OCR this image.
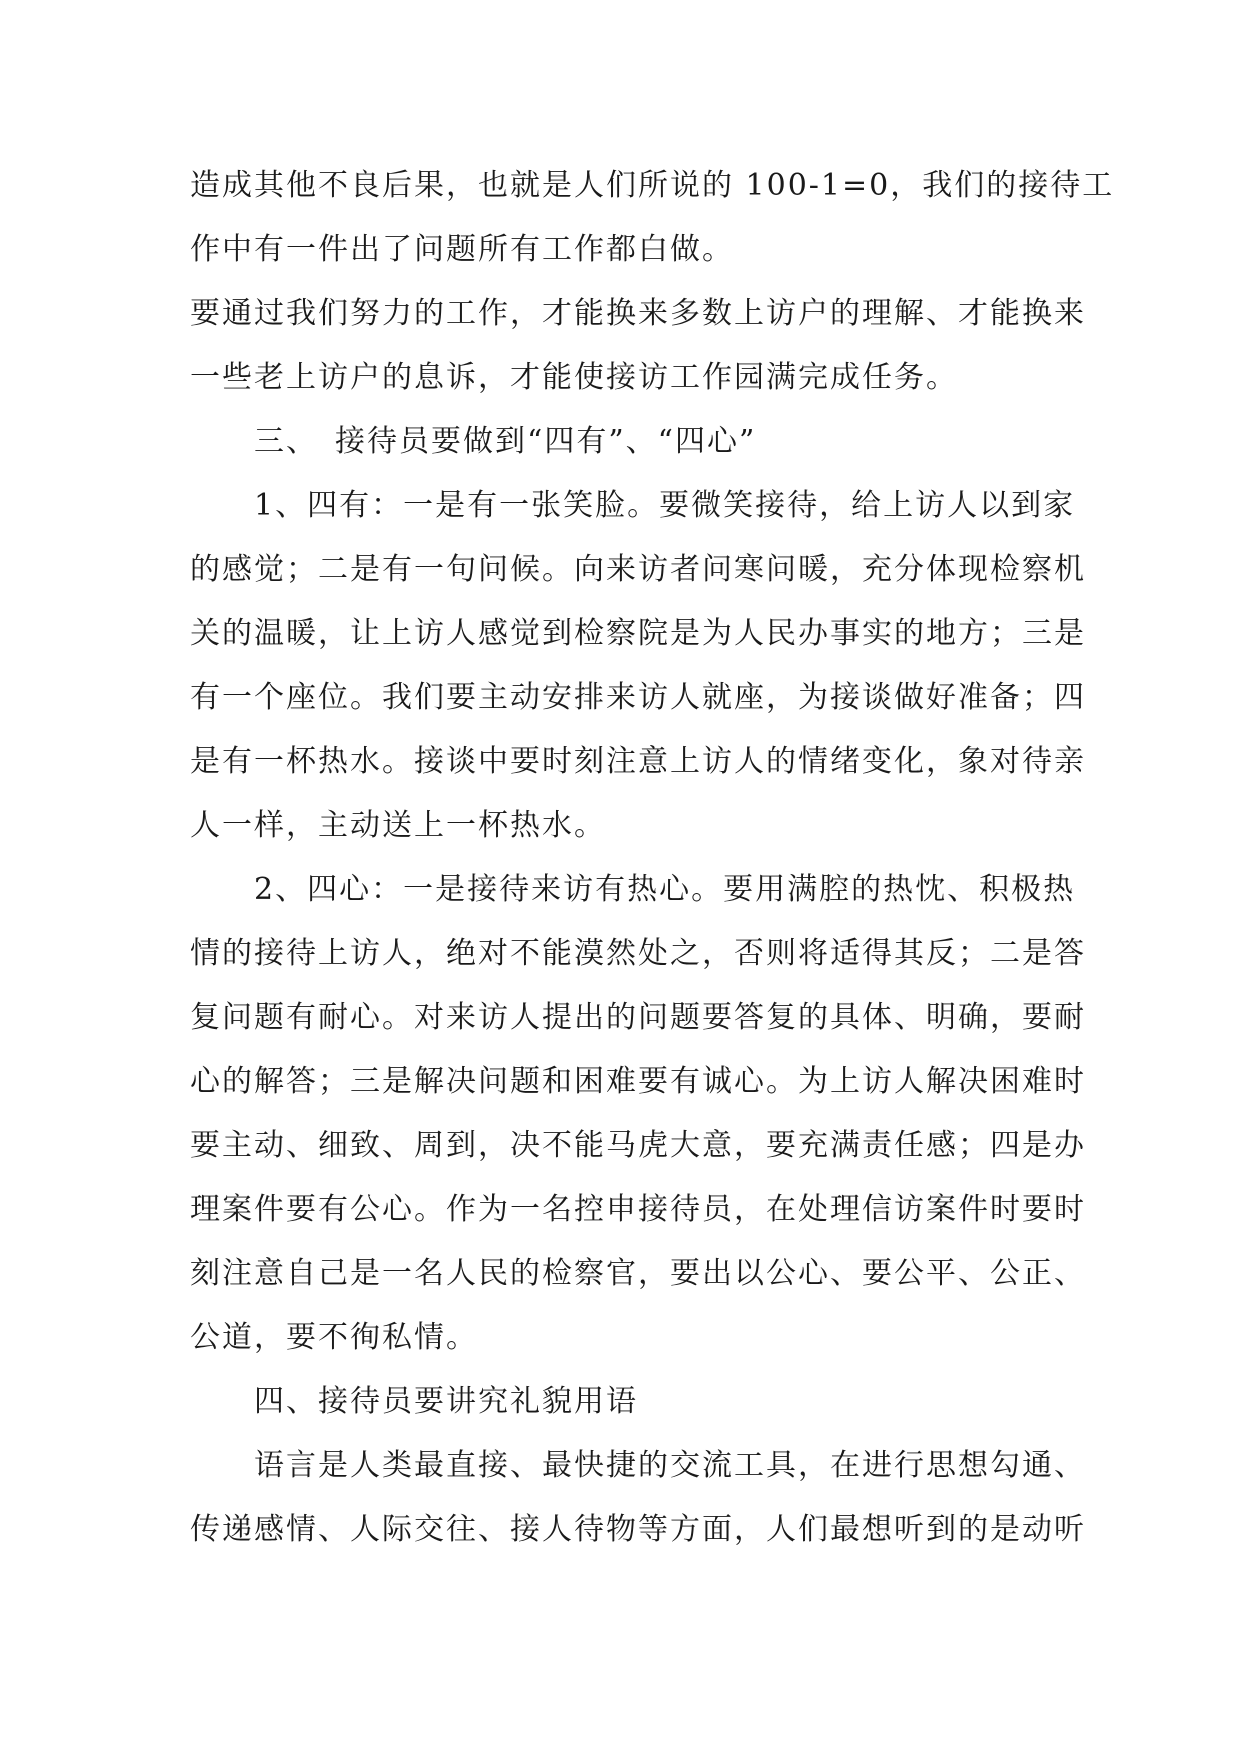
造成其他不良后果，也就是人们所说的 100-1=0，我们的接待工
作中有一件出了问题所有工作都白做。
要通过我们努力的工作，才能换来多数上访户的理解、才能换来
一些老上访户的息诉，才能使接访工作园满完成任务。
三、　接待员要做到“四有”、“四心”
1、四有：一是有一张笑脸。要微笑接待，给上访人以到家
的感觉；二是有一句问候。向来访者问寒问暖，充分体现检察机
关的温暖，让上访人感觉到检察院是为人民办事实的地方；三是
有一个座位。我们要主动安排来访人就座，为接谈做好准备；四
是有一杯热水。接谈中要时刻注意上访人的情绪变化，象对待亲
人一样，主动送上一杯热水。
2、四心：一是接待来访有热心。要用满腔的热忱、积极热
情的接待上访人，绝对不能漠然处之，否则将适得其反；二是答
复问题有耐心。对来访人提出的问题要答复的具体、明确，要耐
心的解答；三是解决问题和困难要有诚心。为上访人解决困难时
要主动、细致、周到，决不能马虎大意，要充满责任感；四是办
理案件要有公心。作为一名控申接待员，在处理信访案件时要时
刻注意自己是一名人民的检察官，要出以公心、要公平、公正、
公道，要不徇私情。
四、接待员要讲究礼貌用语
语言是人类最直接、最快捷的交流工具，在进行思想勾通、
传递感情、人际交往、接人待物等方面，人们最想听到的是动听
